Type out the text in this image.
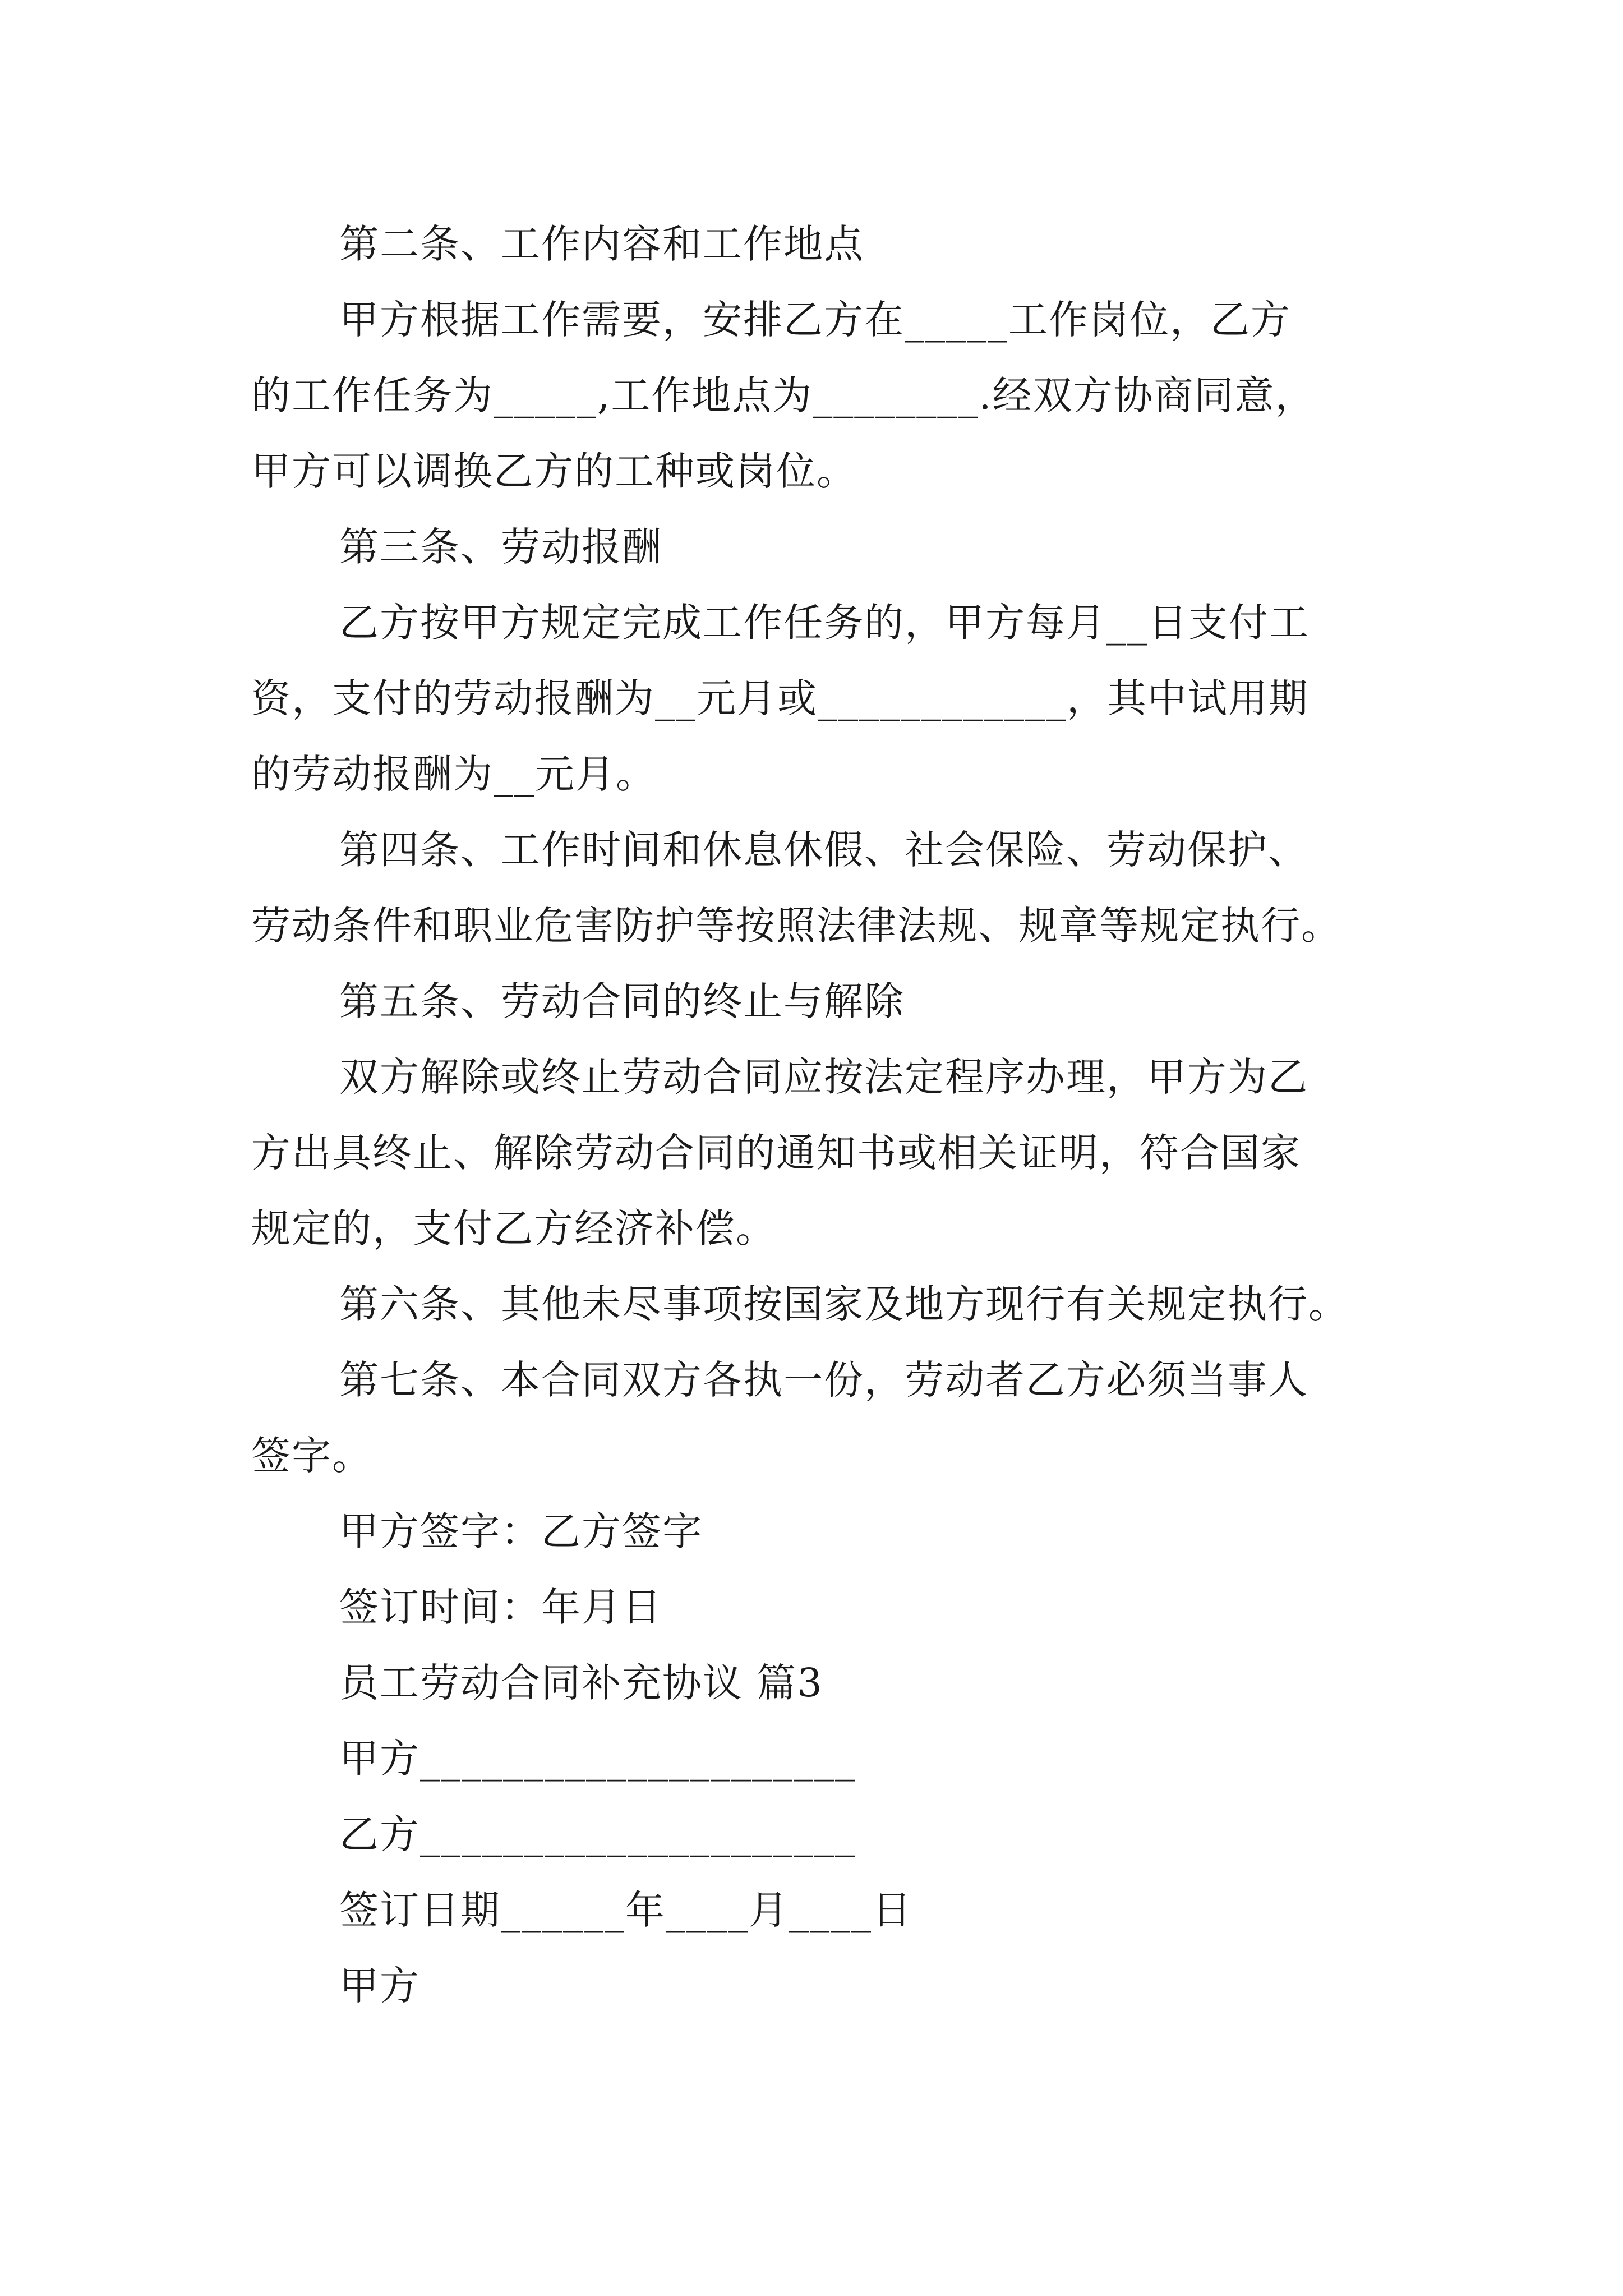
第二条、工作内容和工作地点
甲方根据工作需要，安排乙方在_____工作岗位，乙方
的工作任务为_____,工作地点为________.经双方协商同意，
甲方可以调换乙方的工种或岗位。
第三条、劳动报酬
乙方按甲方规定完成工作任务的，甲方每月__日支付工
资，支付的劳动报酬为__元月或____________，其中试用期
的劳动报酬为__元月。
第四条、工作时间和休息休假、社会保险、劳动保护、
劳动条件和职业危害防护等按照法律法规、规章等规定执行。
第五条、劳动合同的终止与解除
双方解除或终止劳动合同应按法定程序办理，甲方为乙
方出具终止、解除劳动合同的通知书或相关证明，符合国家
规定的，支付乙方经济补偿。
第六条、其他未尽事项按国家及地方现行有关规定执行。
第七条、本合同双方各执一份，劳动者乙方必须当事人
签字。
甲方签字：乙方签字
签订时间：年月日
员工劳动合同补充协议 篇3
甲方_____________________
乙方_____________________
签订日期______年____月____日
甲方
